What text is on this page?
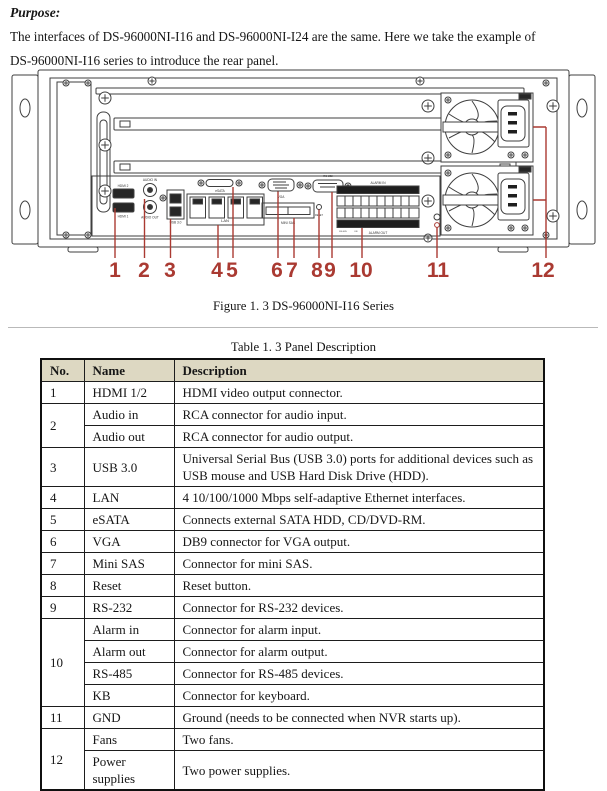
Purpose:
The interfaces of DS-96000NI-I16 and DS-96000NI-I24 are the same. Here we take the example of
DS-96000NI-I16 series to introduce the rear panel.
HDMI 2
HDMI 1
AUDIO IN
AUDIO OUT
USB 3.0	LAN
eSATA
VGA
MINI SAS
RESET
RS-232
ALARM IN
ALARM OUT
RS-485	KB
1 2 3 4 5 6 7 8 9 10	11	12
Figure 1. 3 DS-96000NI-I16 Series
Table 1. 3 Panel Description
No.	Name	Description
1	HDMI 1/2	HDMI video output connector.
2	Audio in	RCA connector for audio input.
	Audio out	RCA connector for audio output.
3	USB 3.0	Universal Serial Bus (USB 3.0) ports for additional devices such as USB mouse and USB Hard Disk Drive (HDD).
4	LAN	4 10/100/1000 Mbps self-adaptive Ethernet interfaces.
5	eSATA	Connects external SATA HDD, CD/DVD-RM.
6	VGA	DB9 connector for VGA output.
7	Mini SAS	Connector for mini SAS.
8	Reset	Reset button.
9	RS-232	Connector for RS-232 devices.
10	Alarm in	Connector for alarm input.
	Alarm out	Connector for alarm output.
	RS-485	Connector for RS-485 devices.
	KB	Connector for keyboard.
11	GND	Ground (needs to be connected when NVR starts up).
12	Fans	Two fans.
	Power supplies	Two power supplies.
